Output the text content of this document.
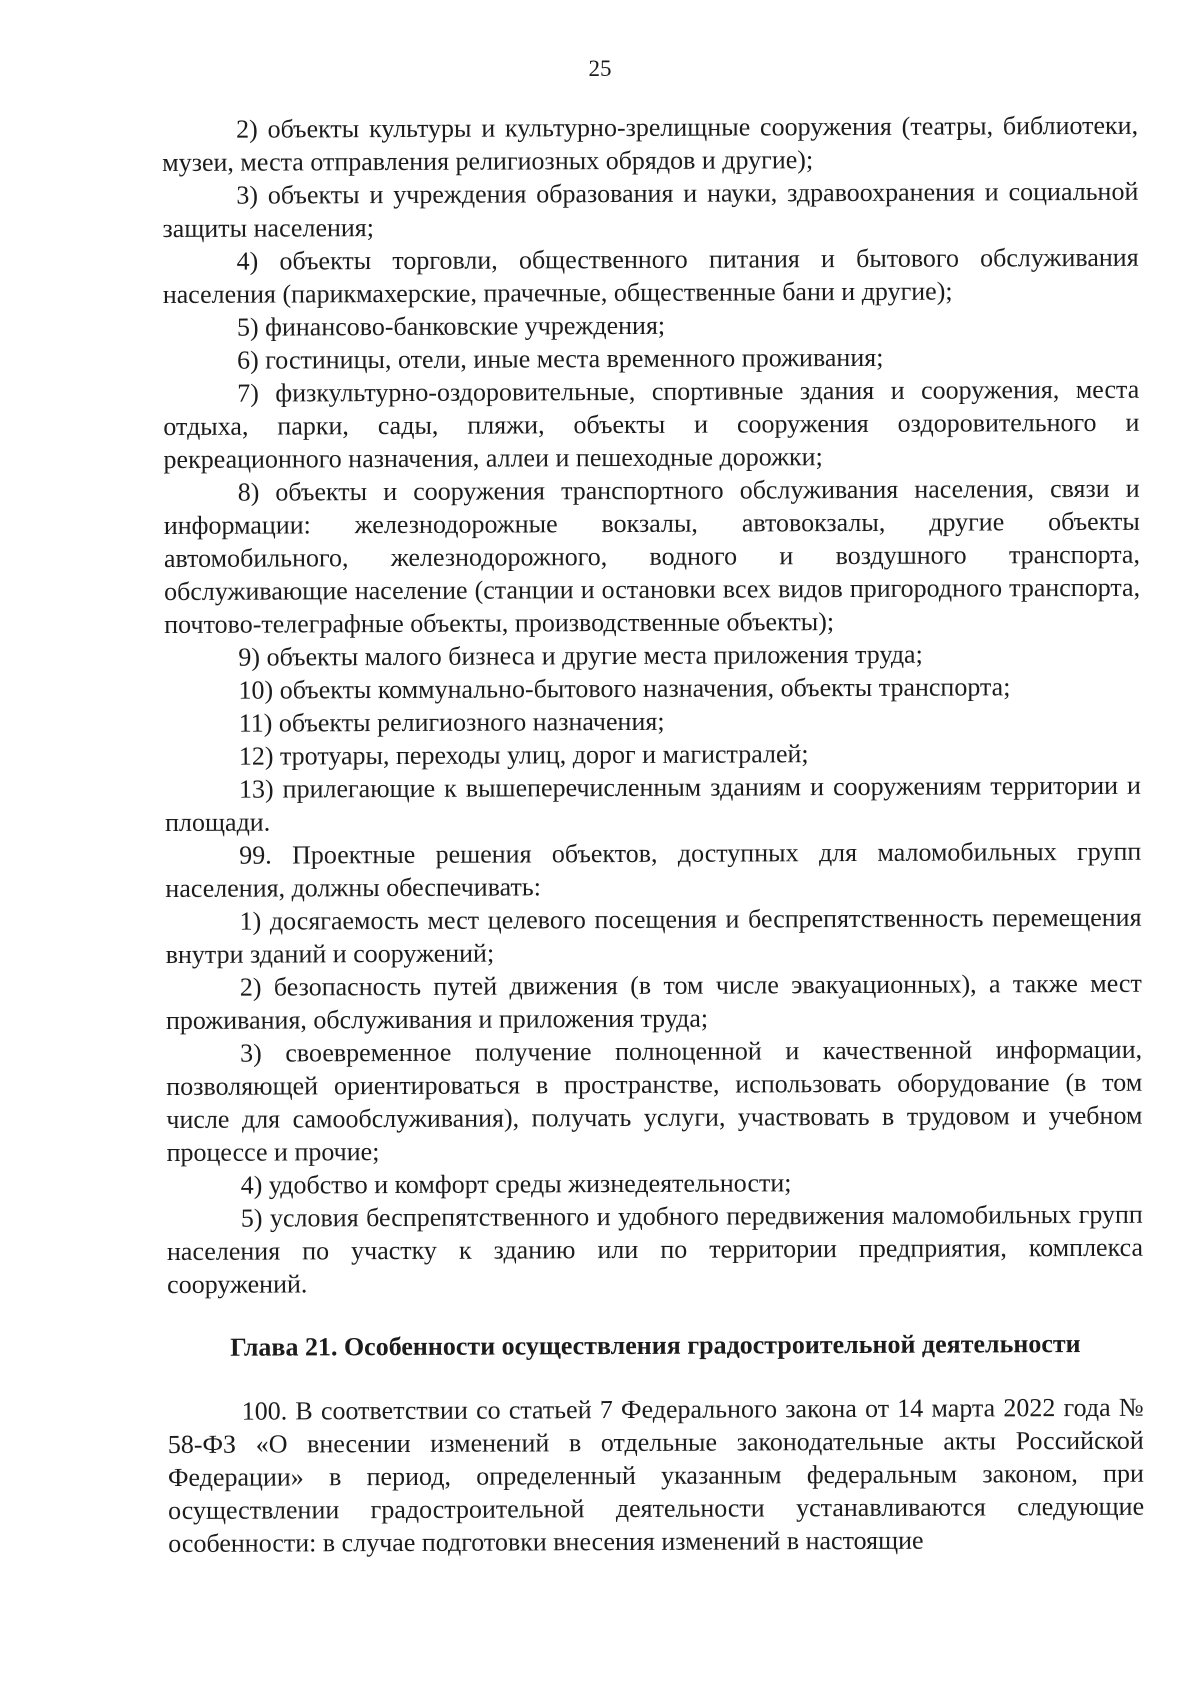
25

2) объекты культуры и культурно-зрелищные сооружения (театры, библиотеки, музеи, места отправления религиозных обрядов и другие);

3) объекты и учреждения образования и науки, здравоохранения и социальной защиты населения;

4) объекты торговли, общественного питания и бытового обслуживания населения (парикмахерские, прачечные, общественные бани и другие);

5) финансово-банковские учреждения;

6) гостиницы, отели, иные места временного проживания;

7) физкультурно-оздоровительные, спортивные здания и сооружения, места отдыха, парки, сады, пляжи, объекты и сооружения оздоровительного и рекреационного назначения, аллеи и пешеходные дорожки;

8) объекты и сооружения транспортного обслуживания населения, связи и информации: железнодорожные вокзалы, автовокзалы, другие объекты автомобильного, железнодорожного, водного и воздушного транспорта, обслуживающие население (станции и остановки всех видов пригородного транспорта, почтово-телеграфные объекты, производственные объекты);

9) объекты малого бизнеса и другие места приложения труда;

10) объекты коммунально-бытового назначения, объекты транспорта;

11) объекты религиозного назначения;

12) тротуары, переходы улиц, дорог и магистралей;

13) прилегающие к вышеперечисленным зданиям и сооружениям территории и площади.

99. Проектные решения объектов, доступных для маломобильных групп населения, должны обеспечивать:

1) досягаемость мест целевого посещения и беспрепятственность перемещения внутри зданий и сооружений;

2) безопасность путей движения (в том числе эвакуационных), а также мест проживания, обслуживания и приложения труда;

3) своевременное получение полноценной и качественной информации, позволяющей ориентироваться в пространстве, использовать оборудование (в том числе для самообслуживания), получать услуги, участвовать в трудовом и учебном процессе и прочие;

4) удобство и комфорт среды жизнедеятельности;

5) условия беспрепятственного и удобного передвижения маломобильных групп населения по участку к зданию или по территории предприятия, комплекса сооружений.

Глава 21. Особенности осуществления градостроительной деятельности

100. В соответствии со статьей 7 Федерального закона от 14 марта 2022 года № 58-ФЗ «О внесении изменений в отдельные законодательные акты Российской Федерации» в период, определенный указанным федеральным законом, при осуществлении градостроительной деятельности устанавливаются следующие особенности: в случае подготовки внесения изменений в настоящие
